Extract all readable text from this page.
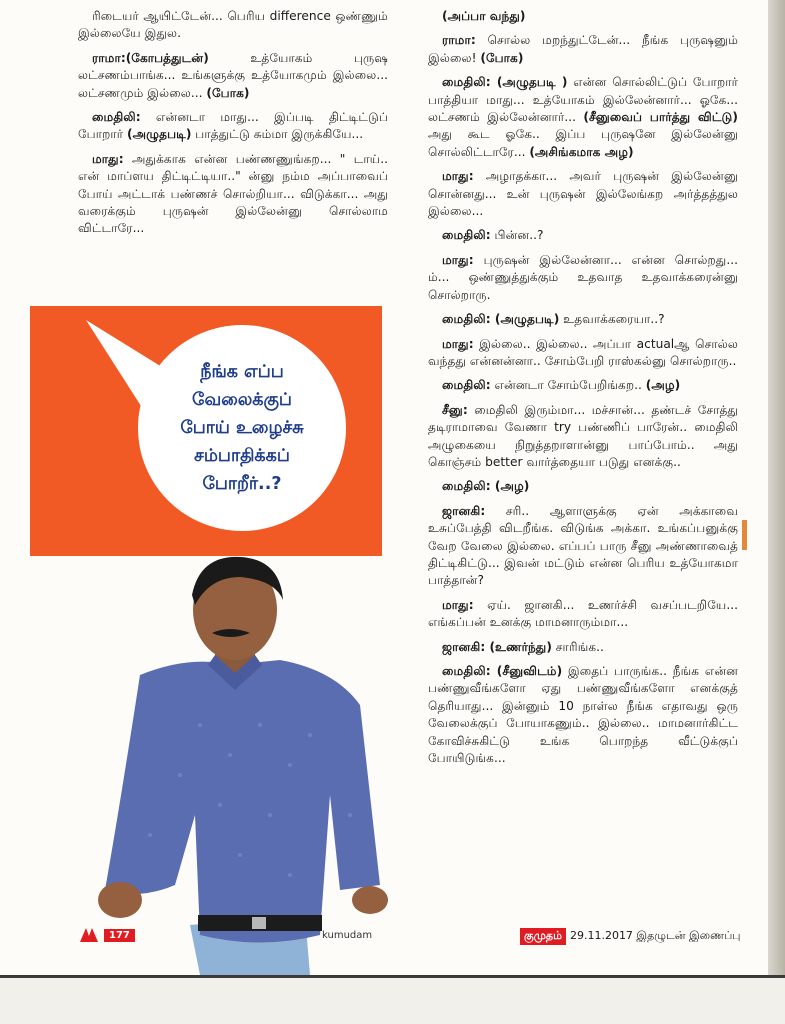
ரிடையர் ஆயிட்டேன்... பெரிய difference ஒண்ணும் இல்லையே இதுல.

ராமா:(கோபத்துடன்) உத்யோகம் புருஷ லட்சணம்பாங்க... உங்களுக்கு உத்யோகமும் இல்லை... லட்சணமும் இல்லை... (போக)

மைதிலி: என்னடா மாது... இப்படி திட்டிட்டுப் போறார் (அழுதபடி) பாத்துட்டு சும்மா இருக்கியே...

மாது: அதுக்காக என்ன பண்ணணுங்கற... " டாய்.. என் மாப்ளய திட்டிட்டியா.." ன்னு நம்ம அப்பாவைப் போய் அட்டாக் பண்ணச் சொல்றியா... விடுக்கா... அது வரைக்கும் புருஷன் இல்லேன்னு சொல்லாம விட்டாரே...

(அப்பா வந்து)

ராமா: சொல்ல மறந்துட்டேன்... நீங்க புருஷனும் இல்லை! (போக)

மைதிலி: (அழுதபடி ) என்ன சொல்லிட்டுப் போறார் பாத்தியா மாது... உத்யோகம் இல்லேன்னார்... ஓகே... லட்சணம் இல்லேன்னார்... (சீனுவைப் பார்த்து விட்டு) அது கூட ஓகே.. இப்ப புருஷனே இல்லேன்னு சொல்லிட்டாரே... (அசிங்கமாக அழ)

மாது: அழாதக்கா... அவர் புருஷன் இல்லேன்னு சொன்னது... உன் புருஷன் இல்லேங்கற அர்த்தத்துல இல்லை...

மைதிலி: பின்ன..?

மாது: புருஷன் இல்லேன்னா... என்ன சொல்றது... ம்... ஒண்ணுத்துக்கும் உதவாத உதவாக்கரைன்னு சொல்றாரு.

மைதிலி: (அழுதபடி) உதவாக்கரையா..?

மாது: இல்லை.. இல்லை.. அப்பா actualஆ சொல்ல வந்தது என்னன்னா.. சோம்பேறி ராஸ்கல்னு சொல்றாரு..

மைதிலி: என்னடா சோம்பேறிங்கற.. (அழ)

சீனு: மைதிலி இரும்மா... மச்சான்... தண்டச் சோத்து தடிராமாவை வேணா try பண்ணிப் பாரேன்.. மைதிலி அழுகையை நிறுத்தறாளான்னு பாப்போம்.. அது கொஞ்சம் better வார்த்தையா படுது எனக்கு..

மைதிலி: (அழ)

ஜானகி: சரி.. ஆளாளுக்கு ஏன் அக்காவை உசுப்பேத்தி விடறீங்க. விடுங்க அக்கா. உங்கப்பனுக்கு வேற வேலை இல்லை. எப்பப் பாரு சீனு அண்ணாவைத் திட்டிகிட்டு... இவன் மட்டும் என்ன பெரிய உத்யோகமா பாத்தான்?

மாது: ஏய். ஜானகி... உணர்ச்சி வசப்படறியே... எங்கப்பன் உனக்கு மாமனாரும்மா...

ஜானகி: (உணர்ந்து) சாரிங்க..

மைதிலி: (சீனுவிடம்) இதைப் பாருங்க.. நீங்க என்ன பண்ணுவீங்களோ ஏது பண்ணுவீங்களோ எனக்குத் தெரியாது... இன்னும் 10 நாள்ல நீங்க எதாவது ஒரு வேலைக்குப் போயாகணும்.. இல்லை.. மாமனார்கிட்ட கோவிச்சுகிட்டு உங்க பொறந்த வீட்டுக்குப் போயிடுங்க...

நீங்க எப்ப
வேலைக்குப்
போய் உழைச்சு
சம்பாதிக்கப்
போறீர்..?
177	kumudam	குமுதம் 29.11.2017 இதழுடன் இணைப்பு
